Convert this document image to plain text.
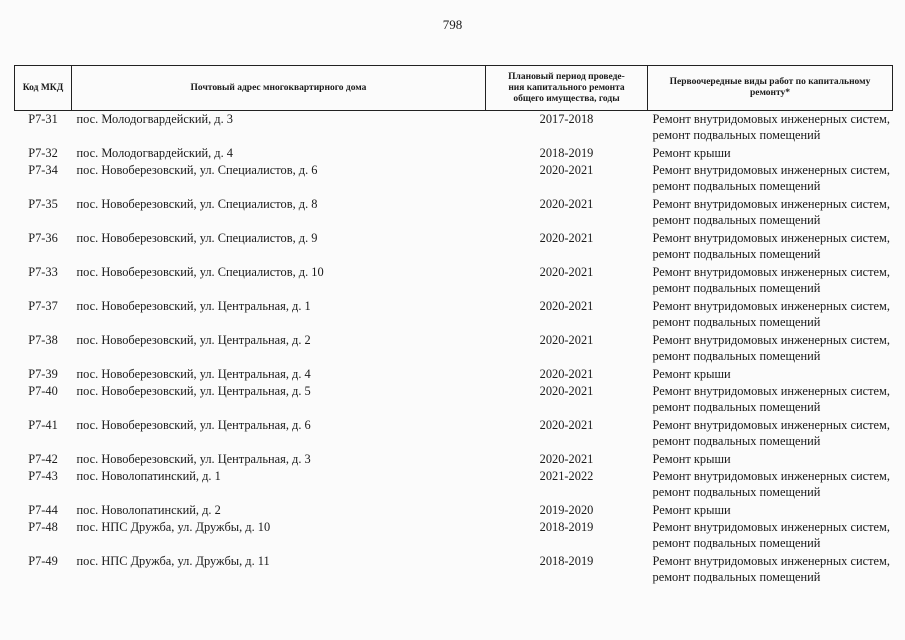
798
Код МКД	Почтовый адрес многоквартирного дома	Плановый период проведе-
ния капитального ремонта
общего имущества, годы	Первоочередные виды работ по капитальному
ремонту*

Р7-31	пос. Молодогвардейский, д. 3	2017-2018	Ремонт внутридомовых инженерных систем,
ремонт подвальных помещений

Р7-32	пос. Молодогвардейский, д. 4	2018-2019	Ремонт крыши

Р7-34	пос. Новоберезовский, ул. Специалистов, д. 6	2020-2021	Ремонт внутридомовых инженерных систем,
ремонт подвальных помещений

Р7-35	пос. Новоберезовский, ул. Специалистов, д. 8	2020-2021	Ремонт внутридомовых инженерных систем,
ремонт подвальных помещений

Р7-36	пос. Новоберезовский, ул. Специалистов, д. 9	2020-2021	Ремонт внутридомовых инженерных систем,
ремонт подвальных помещений

Р7-33	пос. Новоберезовский, ул. Специалистов, д. 10	2020-2021	Ремонт внутридомовых инженерных систем,
ремонт подвальных помещений

Р7-37	пос. Новоберезовский, ул. Центральная, д. 1	2020-2021	Ремонт внутридомовых инженерных систем,
ремонт подвальных помещений

Р7-38	пос. Новоберезовский, ул. Центральная, д. 2	2020-2021	Ремонт внутридомовых инженерных систем,
ремонт подвальных помещений

Р7-39	пос. Новоберезовский, ул. Центральная, д. 4	2020-2021	Ремонт крыши

Р7-40	пос. Новоберезовский, ул. Центральная, д. 5	2020-2021	Ремонт внутридомовых инженерных систем,
ремонт подвальных помещений

Р7-41	пос. Новоберезовский, ул. Центральная, д. 6	2020-2021	Ремонт внутридомовых инженерных систем,
ремонт подвальных помещений

Р7-42	пос. Новоберезовский, ул. Центральная, д. 3	2020-2021	Ремонт крыши

Р7-43	пос. Новолопатинский, д. 1	2021-2022	Ремонт внутридомовых инженерных систем,
ремонт подвальных помещений

Р7-44	пос. Новолопатинский, д. 2	2019-2020	Ремонт крыши

Р7-48	пос. НПС Дружба, ул. Дружбы, д. 10	2018-2019	Ремонт внутридомовых инженерных систем,
ремонт подвальных помещений

Р7-49	пос. НПС Дружба, ул. Дружбы, д. 11	2018-2019	Ремонт внутридомовых инженерных систем,
ремонт подвальных помещений
